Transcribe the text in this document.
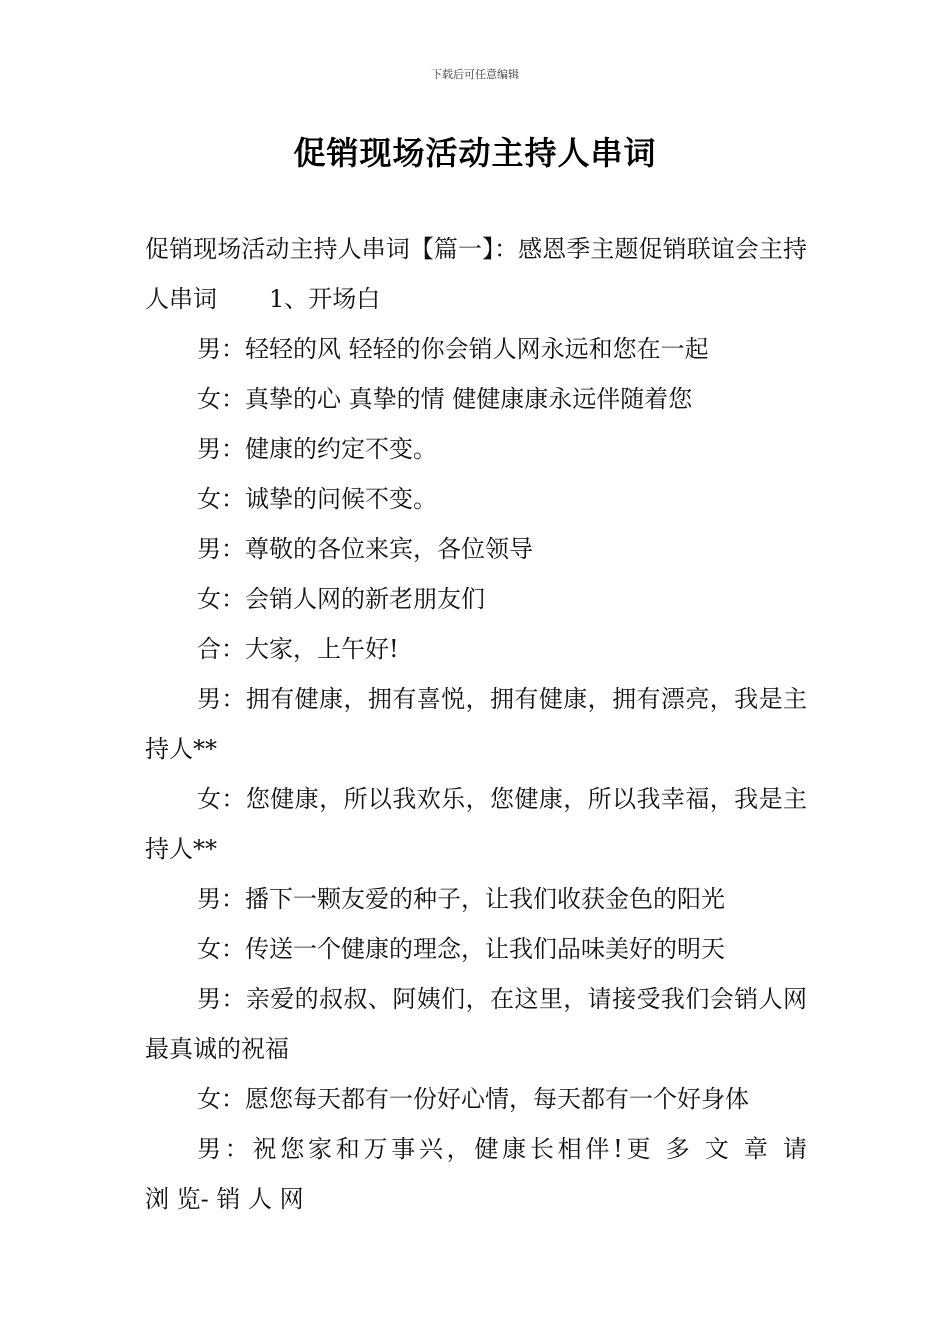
下载后可任意编辑
促销现场活动主持人串词

促销现场活动主持人串词【篇一】：感恩季主题促销联谊会主持人串词 1、开场白

男：轻轻的风 轻轻的你会销人网永远和您在一起

女：真挚的心 真挚的情 健健康康永远伴随着您

男：健康的约定不变。

女：诚挚的问候不变。

男：尊敬的各位来宾，各位领导

女：会销人网的新老朋友们

合：大家，上午好!

男：拥有健康，拥有喜悦，拥有健康，拥有漂亮，我是主持人**

女：您健康，所以我欢乐，您健康，所以我幸福，我是主持人**

男：播下一颗友爱的种子，让我们收获金色的阳光

女：传送一个健康的理念，让我们品味美好的明天

男：亲爱的叔叔、阿姨们，在这里，请接受我们会销人网最真诚的祝福

女：愿您每天都有一份好心情，每天都有一个好身体

男：祝您家和万事兴，健康长相伴!更 多 文 章 请

浏 览- 销 人 网
